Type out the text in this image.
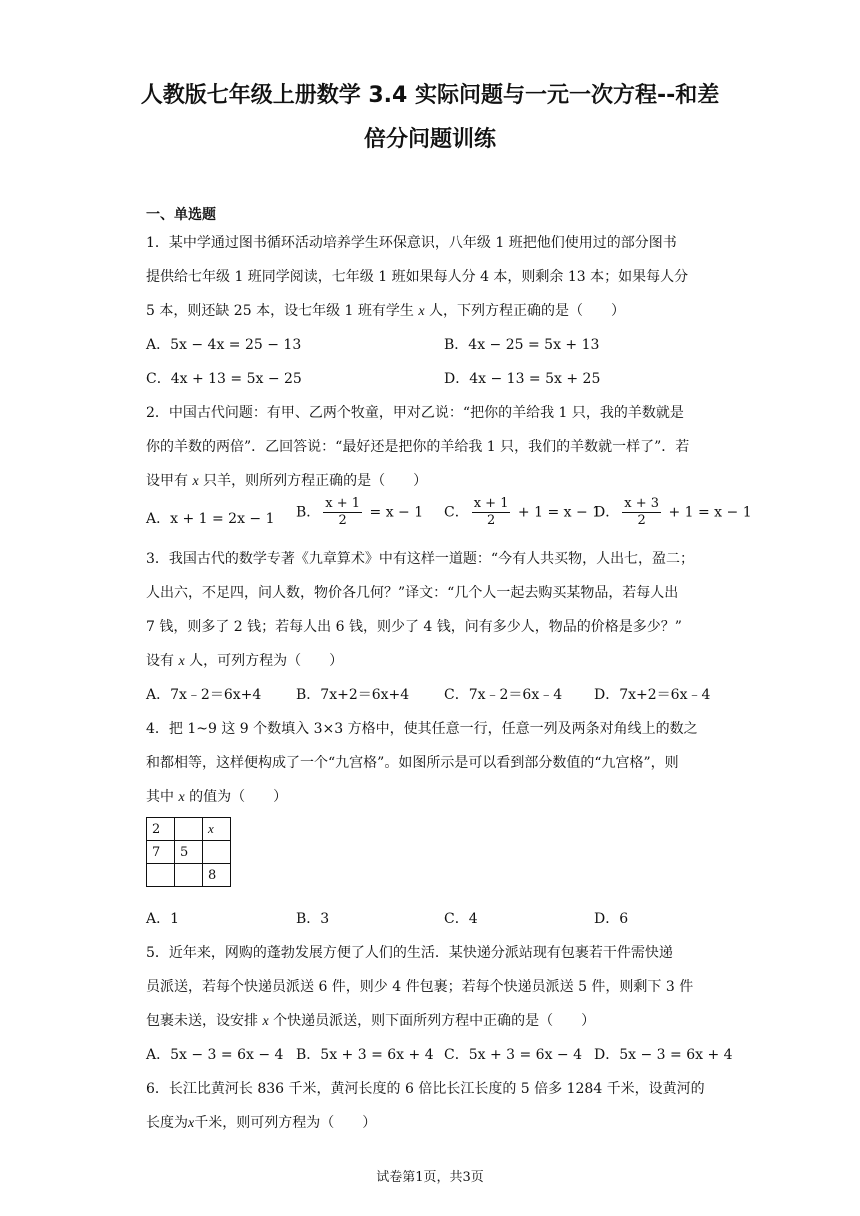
人教版七年级上册数学 3.4 实际问题与一元一次方程--和差
倍分问题训练
一、单选题
1．某中学通过图书循环活动培养学生环保意识，八年级 1 班把他们使用过的部分图书
提供给七年级 1 班同学阅读，七年级 1 班如果每人分 4 本，则剩余 13 本；如果每人分
5 本，则还缺 25 本，设七年级 1 班有学生 x 人，下列方程正确的是（　　）
A．5x − 4x = 25 − 13	B．4x − 25 = 5x + 13
C．4x + 13 = 5x − 25	D．4x − 13 = 5x + 25
2．中国古代问题：有甲、乙两个牧童，甲对乙说：“把你的羊给我 1 只，我的羊数就是
你的羊数的两倍”．乙回答说：“最好还是把你的羊给我 1 只，我们的羊数就一样了”．若
设甲有 x 只羊，则所列方程正确的是（　　）
A．x + 1 = 2x − 1 B． $\frac{x + 1}{2} = x - 1$ C． $\frac{x + 1}{2} + 1 = x - 1$
D． $\frac{x + 3}{2} + 1 = x - 1$
3．我国古代的数学专著《九章算术》中有这样一道题：“今有人共买物，人出七，盈二；
人出六，不足四，问人数，物价各几何？”译文：“几个人一起去购买某物品，若每人出
7 钱，则多了 2 钱；若每人出 6 钱，则少了 4 钱，问有多少人，物品的价格是多少？”
设有 x 人，可列方程为（　　）
A．7x﹣2＝6x+4 B．7x+2＝6x+4 C．7x﹣2＝6x﹣4 D．7x+2＝6x﹣4
4．把 1~9 这 9 个数填入 3×3 方格中，使其任意一行，任意一列及两条对角线上的数之
和都相等，这样便构成了一个“九宫格”。如图所示是可以看到部分数值的“九宫格”，则
其中 x 的值为（　　）
2		x
7	5	
		8
A．1	B．3	C．4	D．6
5．近年来，网购的蓬勃发展方便了人们的生活．某快递分派站现有包裹若干件需快递
员派送，若每个快递员派送 6 件，则少 4 件包裹；若每个快递员派送 5 件，则剩下 3 件
包裹未送，设安排 x 个快递员派送，则下面所列方程中正确的是（　　）
A．5x − 3 = 6x − 4 B．5x + 3 = 6x + 4 C．5x + 3 = 6x − 4 D．5x − 3 = 6x + 4
6．长江比黄河长 836 千米，黄河长度的 6 倍比长江长度的 5 倍多 1284 千米，设黄河的
长度为x千米，则可列方程为（　　）
试卷第1页，共3页
